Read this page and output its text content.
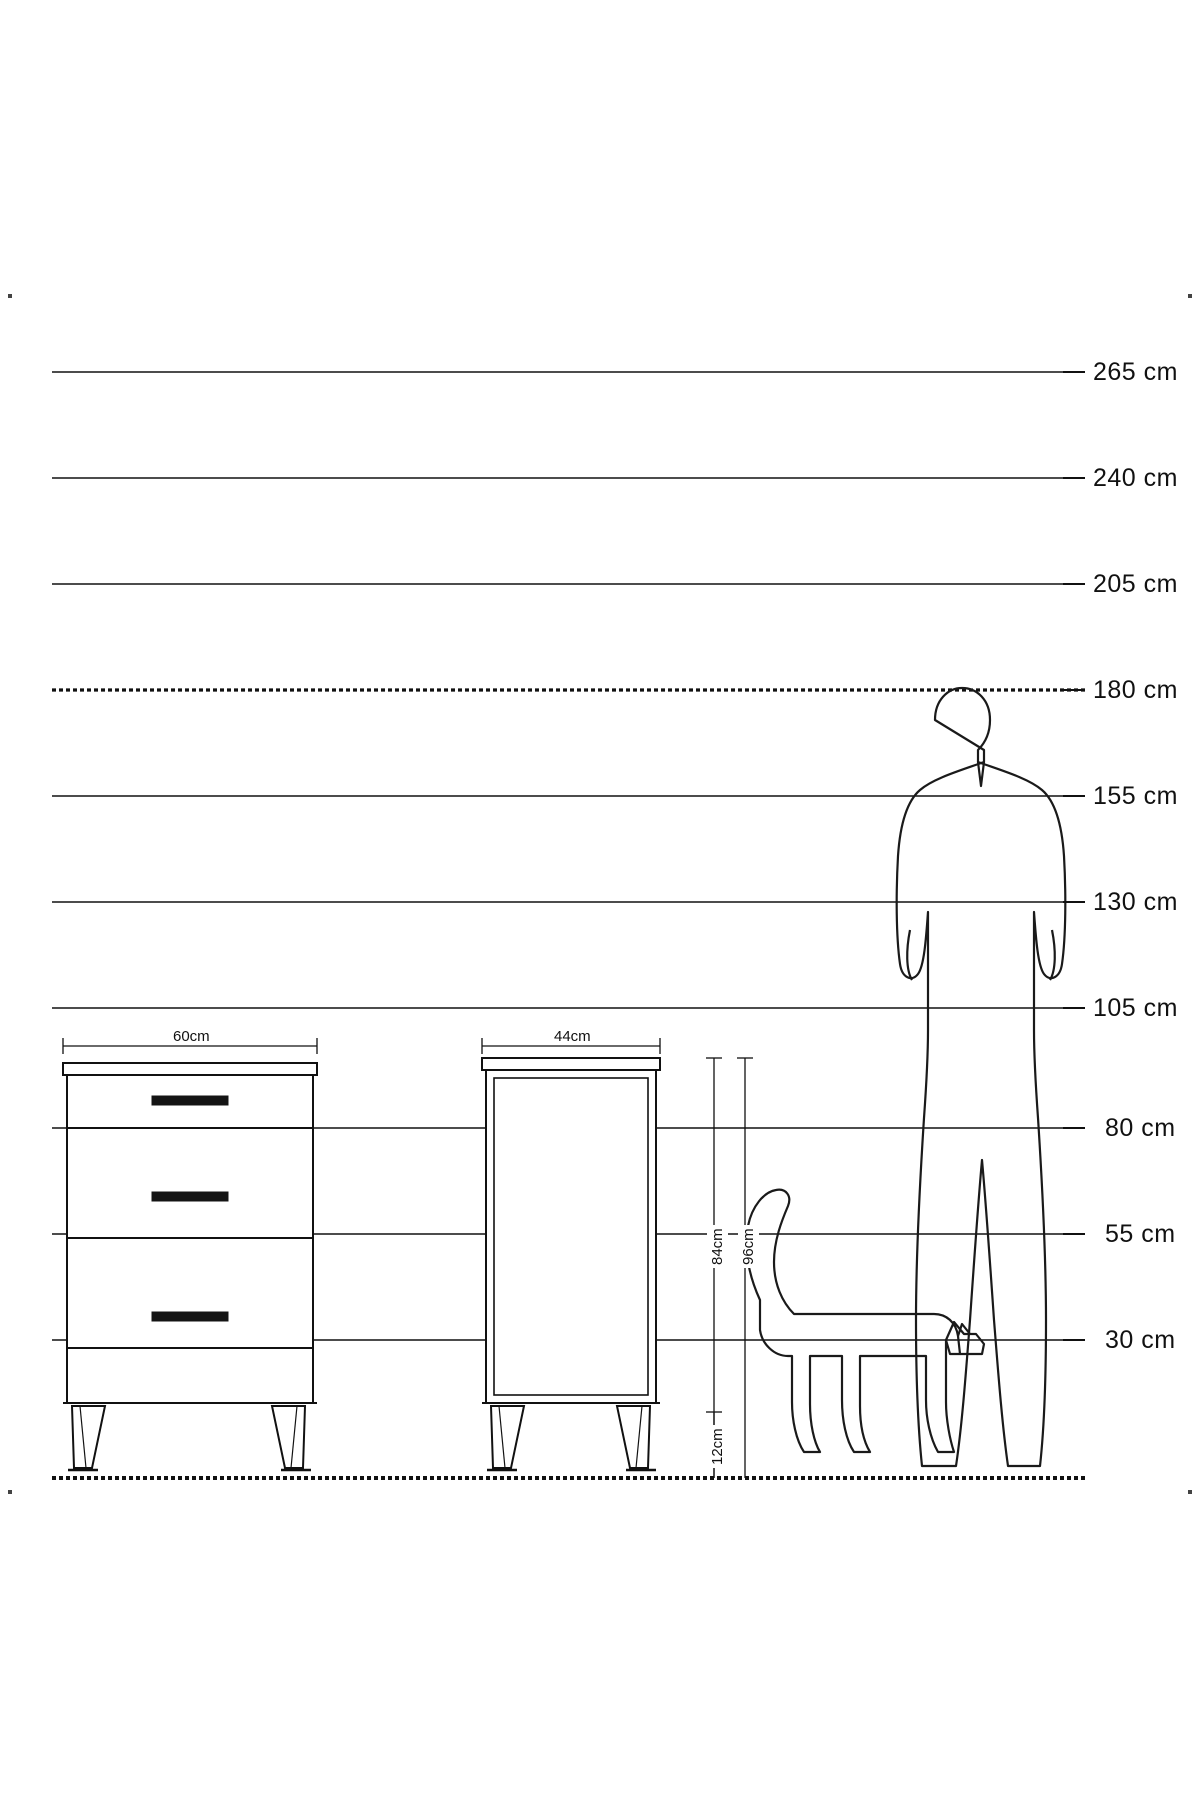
265 cm
240 cm
205 cm
180 cm
155 cm
130 cm
105 cm
80 cm
55 cm
30 cm
60cm	44cm
84cm 96cm
12cm
